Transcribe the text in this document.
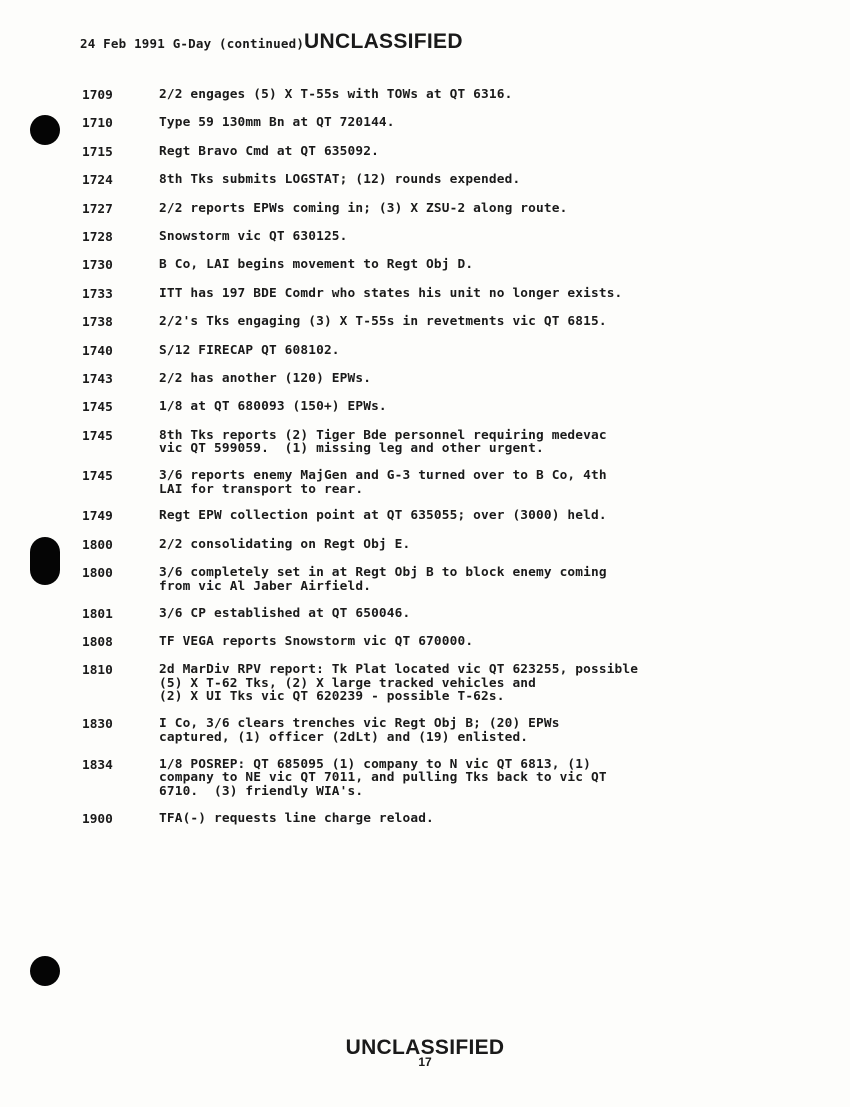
24 Feb 1991 G-Day (continued)UNCLASSIFIED
1709	2/2 engages (5) X T-55s with TOWs at QT 6316.
1710	Type 59 130mm Bn at QT 720144.
1715	Regt Bravo Cmd at QT 635092.
1724	8th Tks submits LOGSTAT; (12) rounds expended.
1727	2/2 reports EPWs coming in; (3) X ZSU-2 along route.
1728	Snowstorm vic QT 630125.
1730	B Co, LAI begins movement to Regt Obj D.
1733	ITT has 197 BDE Comdr who states his unit no longer exists.
1738	2/2's Tks engaging (3) X T-55s in revetments vic QT 6815.
1740	S/12 FIRECAP QT 608102.
1743	2/2 has another (120) EPWs.
1745	1/8 at QT 680093 (150+) EPWs.
1745	8th Tks reports (2) Tiger Bde personnel requiring medevac
vic QT 599059.  (1) missing leg and other urgent.
1745	3/6 reports enemy MajGen and G-3 turned over to B Co, 4th
LAI for transport to rear.
1749	Regt EPW collection point at QT 635055; over (3000) held.
1800	2/2 consolidating on Regt Obj E.
1800	3/6 completely set in at Regt Obj B to block enemy coming
from vic Al Jaber Airfield.
1801	3/6 CP established at QT 650046.
1808	TF VEGA reports Snowstorm vic QT 670000.
1810	2d MarDiv RPV report: Tk Plat located vic QT 623255, possible
(5) X T-62 Tks, (2) X large tracked vehicles and
(2) X UI Tks vic QT 620239 - possible T-62s.
1830	I Co, 3/6 clears trenches vic Regt Obj B; (20) EPWs
captured, (1) officer (2dLt) and (19) enlisted.
1834	1/8 POSREP: QT 685095 (1) company to N vic QT 6813, (1)
company to NE vic QT 7011, and pulling Tks back to vic QT
6710.  (3) friendly WIA's.
1900	TFA(-) requests line charge reload.
UNCLASSIFIED
17
